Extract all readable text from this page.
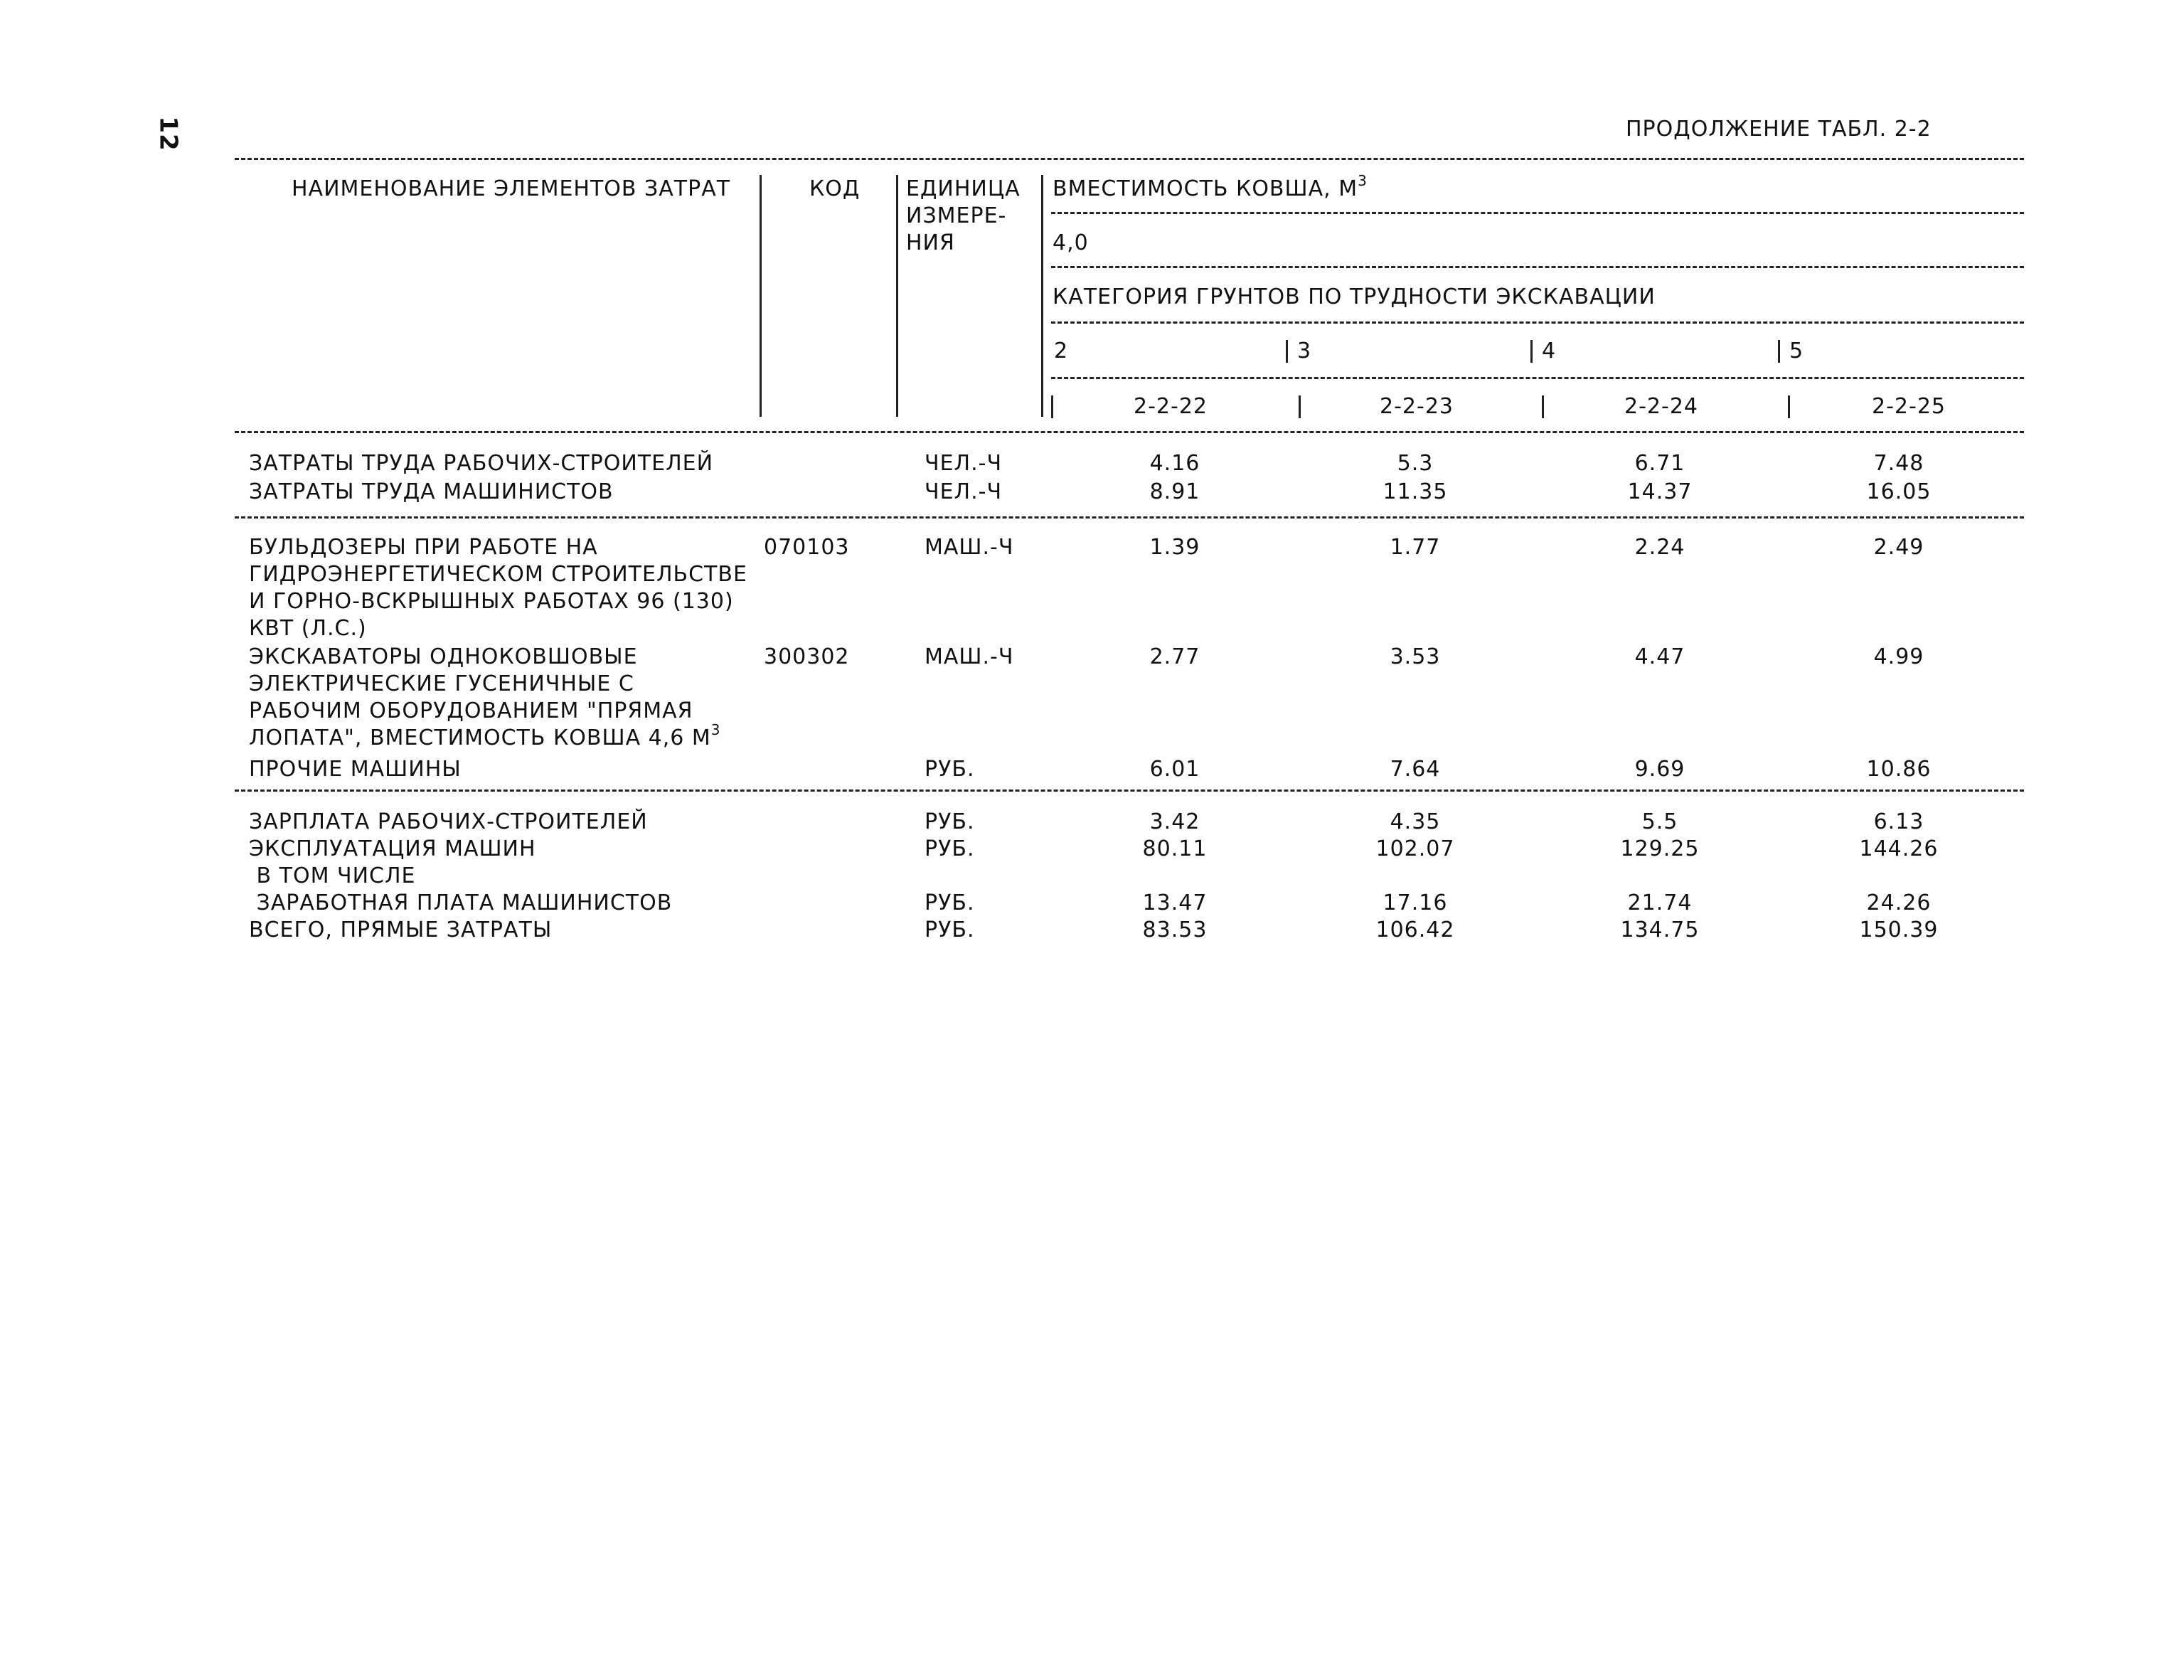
12	ПРОДОЛЖЕНИЕ ТАБЛ. 2-2
НАИМЕНОВАНИЕ ЭЛЕМЕНТОВ ЗАТРАТ	КОД ЕДИНИЦА
ИЗМЕРЕ-
НИЯ
ВМЕСТИМОСТЬ КОВША, $М^3$
4,0
КАТЕГОРИЯ ГРУНТОВ ПО ТРУДНОСТИ ЭКСКАВАЦИИ
2	3	4	5
2-2-22	2-2-23	2-2-24	2-2-25
ЗАТРАТЫ ТРУДА РАБОЧИХ-СТРОИТЕЛЕЙ	ЧЕЛ.-Ч	4.16	5.3	6.71	7.48
ЗАТРАТЫ ТРУДА МАШИНИСТОВ	ЧЕЛ.-Ч	8.91	11.35	14.37	16.05
БУЛЬДОЗЕРЫ ПРИ РАБОТЕ НА
ГИДРОЭНЕРГЕТИЧЕСКОМ СТРОИТЕЛЬСТВЕ
И ГОРНО-ВСКРЫШНЫХ РАБОТАХ 96 (130)
КВТ (Л.С.)
070103	МАШ.-Ч	1.39	1.77	2.24	2.49
ЭКСКАВАТОРЫ ОДНОКОВШОВЫЕ
ЭЛЕКТРИЧЕСКИЕ ГУСЕНИЧНЫЕ С
РАБОЧИМ ОБОРУДОВАНИЕМ "ПРЯМАЯ
ЛОПАТА", ВМЕСТИМОСТЬ КОВША 4,6 $М^3$
300302	МАШ.-Ч	2.77	3.53	4.47	4.99
ПРОЧИЕ МАШИНЫ	РУБ.	6.01	7.64	9.69	10.86
ЗАРПЛАТА РАБОЧИХ-СТРОИТЕЛЕЙ	РУБ.	3.42	4.35	5.5	6.13
ЭКСПЛУАТАЦИЯ МАШИН	РУБ.	80.11	102.07	129.25	144.26
В ТОМ ЧИСЛЕ
ЗАРАБОТНАЯ ПЛАТА МАШИНИСТОВ	РУБ.	13.47	17.16	21.74	24.26
ВСЕГО, ПРЯМЫЕ ЗАТРАТЫ	РУБ.	83.53	106.42	134.75	150.39
